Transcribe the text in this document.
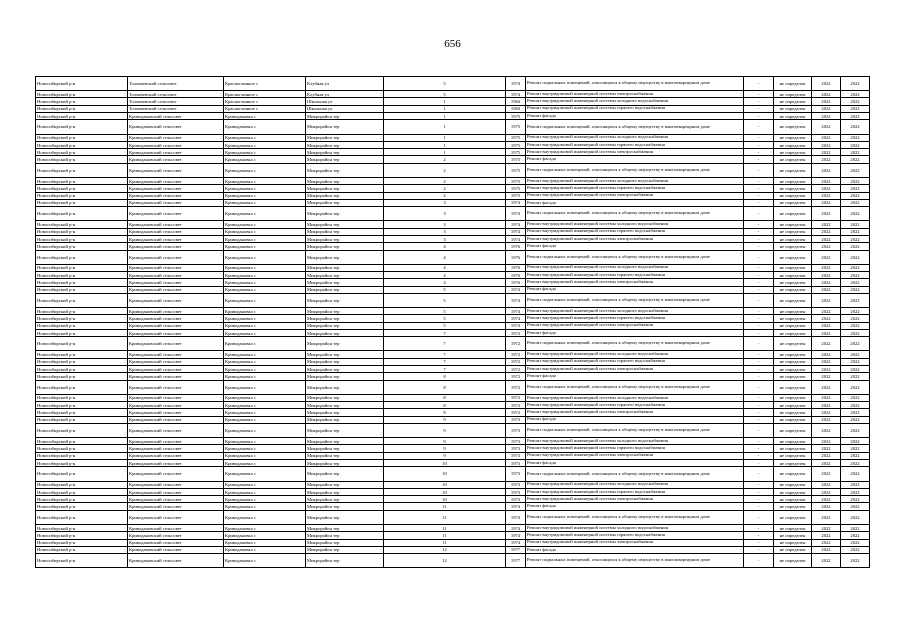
656
Новосибирский р-н	Толмачевский сельсовет	Красноглинное с	Клубная ул	5	1974	Ремонт подвальных помещений, относящихся к общему имуществу в многоквартирном доме	-	не определен	2022	2022
Новосибирский р-н	Толмачевский сельсовет	Красноглинное с	Клубная ул	5	1974	Ремонт внутридомовой инженерной системы электроснабжения	-	не определен	2022	2022
Новосибирский р-н	Толмачевский сельсовет	Красноглинное с	Школьная ул	1	1984	Ремонт внутридомовой инженерной системы холодного водоснабжения	-	не определен	2022	2022
Новосибирский р-н	Толмачевский сельсовет	Красноглинное с	Школьная ул	1	1984	Ремонт внутридомовой инженерной системы горячего водоснабжения	-	не определен	2022	2022
Новосибирский р-н	Криводановский сельсовет	Криводановка с	Микрорайон тер	1	1975	Ремонт фасада	-	не определен	2022	2022
Новосибирский р-н	Криводановский сельсовет	Криводановка с	Микрорайон тер	1	1975	Ремонт подвальных помещений, относящихся к общему имуществу в многоквартирном доме	-	не определен	2022	2022
Новосибирский р-н	Криводановский сельсовет	Криводановка с	Микрорайон тер	1	1975	Ремонт внутридомовой инженерной системы холодного водоснабжения	-	не определен	2022	2022
Новосибирский р-н	Криводановский сельсовет	Криводановка с	Микрорайон тер	1	1975	Ремонт внутридомовой инженерной системы горячего водоснабжения	-	не определен	2022	2022
Новосибирский р-н	Криводановский сельсовет	Криводановка с	Микрорайон тер	1	1975	Ремонт внутридомовой инженерной системы электроснабжения	-	не определен	2022	2022
Новосибирский р-н	Криводановский сельсовет	Криводановка с	Микрорайон тер	2	1975	Ремонт фасада	-	не определен	2022	2022
Новосибирский р-н	Криводановский сельсовет	Криводановка с	Микрорайон тер	2	1975	Ремонт подвальных помещений, относящихся к общему имуществу в многоквартирном доме	-	не определен	2022	2022
Новосибирский р-н	Криводановский сельсовет	Криводановка с	Микрорайон тер	2	1975	Ремонт внутридомовой инженерной системы холодного водоснабжения	-	не определен	2022	2022
Новосибирский р-н	Криводановский сельсовет	Криводановка с	Микрорайон тер	2	1975	Ремонт внутридомовой инженерной системы горячего водоснабжения	-	не определен	2022	2022
Новосибирский р-н	Криводановский сельсовет	Криводановка с	Микрорайон тер	2	1975	Ремонт внутридомовой инженерной системы электроснабжения	-	не определен	2022	2022
Новосибирский р-н	Криводановский сельсовет	Криводановка с	Микрорайон тер	3	1974	Ремонт фасада	-	не определен	2022	2022
Новосибирский р-н	Криводановский сельсовет	Криводановка с	Микрорайон тер	3	1974	Ремонт подвальных помещений, относящихся к общему имуществу в многоквартирном доме	-	не определен	2022	2022
Новосибирский р-н	Криводановский сельсовет	Криводановка с	Микрорайон тер	3	1974	Ремонт внутридомовой инженерной системы холодного водоснабжения	-	не определен	2022	2022
Новосибирский р-н	Криводановский сельсовет	Криводановка с	Микрорайон тер	3	1974	Ремонт внутридомовой инженерной системы горячего водоснабжения	-	не определен	2022	2022
Новосибирский р-н	Криводановский сельсовет	Криводановка с	Микрорайон тер	3	1974	Ремонт внутридомовой инженерной системы электроснабжения	-	не определен	2022	2022
Новосибирский р-н	Криводановский сельсовет	Криводановка с	Микрорайон тер	4	1976	Ремонт фасада	-	не определен	2022	2022
Новосибирский р-н	Криводановский сельсовет	Криводановка с	Микрорайон тер	4	1976	Ремонт подвальных помещений, относящихся к общему имуществу в многоквартирном доме	-	не определен	2022	2022
Новосибирский р-н	Криводановский сельсовет	Криводановка с	Микрорайон тер	4	1976	Ремонт внутридомовой инженерной системы холодного водоснабжения	-	не определен	2022	2022
Новосибирский р-н	Криводановский сельсовет	Криводановка с	Микрорайон тер	4	1976	Ремонт внутридомовой инженерной системы горячего водоснабжения	-	не определен	2022	2022
Новосибирский р-н	Криводановский сельсовет	Криводановка с	Микрорайон тер	4	1976	Ремонт внутридомовой инженерной системы электроснабжения	-	не определен	2022	2022
Новосибирский р-н	Криводановский сельсовет	Криводановка с	Микрорайон тер	5	1974	Ремонт фасада	-	не определен	2022	2022
Новосибирский р-н	Криводановский сельсовет	Криводановка с	Микрорайон тер	5	1974	Ремонт подвальных помещений, относящихся к общему имуществу в многоквартирном доме	-	не определен	2022	2022
Новосибирский р-н	Криводановский сельсовет	Криводановка с	Микрорайон тер	5	1974	Ремонт внутридомовой инженерной системы холодного водоснабжения	-	не определен	2022	2022
Новосибирский р-н	Криводановский сельсовет	Криводановка с	Микрорайон тер	5	1974	Ремонт внутридомовой инженерной системы горячего водоснабжения	-	не определен	2022	2022
Новосибирский р-н	Криводановский сельсовет	Криводановка с	Микрорайон тер	5	1974	Ремонт внутридомовой инженерной системы электроснабжения	-	не определен	2022	2022
Новосибирский р-н	Криводановский сельсовет	Криводановка с	Микрорайон тер	7	1972	Ремонт фасада	-	не определен	2022	2022
Новосибирский р-н	Криводановский сельсовет	Криводановка с	Микрорайон тер	7	1972	Ремонт подвальных помещений, относящихся к общему имуществу в многоквартирном доме	-	не определен	2022	2022
Новосибирский р-н	Криводановский сельсовет	Криводановка с	Микрорайон тер	7	1972	Ремонт внутридомовой инженерной системы холодного водоснабжения	-	не определен	2022	2022
Новосибирский р-н	Криводановский сельсовет	Криводановка с	Микрорайон тер	7	1972	Ремонт внутридомовой инженерной системы горячего водоснабжения	-	не определен	2022	2022
Новосибирский р-н	Криводановский сельсовет	Криводановка с	Микрорайон тер	7	1972	Ремонт внутридомовой инженерной системы электроснабжения	-	не определен	2022	2022
Новосибирский р-н	Криводановский сельсовет	Криводановка с	Микрорайон тер	8	1972	Ремонт фасада	-	не определен	2022	2022
Новосибирский р-н	Криводановский сельсовет	Криводановка с	Микрорайон тер	8	1972	Ремонт подвальных помещений, относящихся к общему имуществу в многоквартирном доме	-	не определен	2022	2022
Новосибирский р-н	Криводановский сельсовет	Криводановка с	Микрорайон тер	8	1972	Ремонт внутридомовой инженерной системы холодного водоснабжения	-	не определен	2022	2022
Новосибирский р-н	Криводановский сельсовет	Криводановка с	Микрорайон тер	8	1972	Ремонт внутридомовой инженерной системы горячего водоснабжения	-	не определен	2022	2022
Новосибирский р-н	Криводановский сельсовет	Криводановка с	Микрорайон тер	8	1972	Ремонт внутридомовой инженерной системы электроснабжения	-	не определен	2022	2022
Новосибирский р-н	Криводановский сельсовет	Криводановка с	Микрорайон тер	9	1973	Ремонт фасада	-	не определен	2022	2022
Новосибирский р-н	Криводановский сельсовет	Криводановка с	Микрорайон тер	9	1973	Ремонт подвальных помещений, относящихся к общему имуществу в многоквартирном доме	-	не определен	2022	2022
Новосибирский р-н	Криводановский сельсовет	Криводановка с	Микрорайон тер	9	1973	Ремонт внутридомовой инженерной системы холодного водоснабжения	-	не определен	2022	2022
Новосибирский р-н	Криводановский сельсовет	Криводановка с	Микрорайон тер	9	1973	Ремонт внутридомовой инженерной системы горячего водоснабжения	-	не определен	2022	2022
Новосибирский р-н	Криводановский сельсовет	Криводановка с	Микрорайон тер	9	1973	Ремонт внутридомовой инженерной системы электроснабжения	-	не определен	2022	2022
Новосибирский р-н	Криводановский сельсовет	Криводановка с	Микрорайон тер	10	1973	Ремонт фасада	-	не определен	2022	2022
Новосибирский р-н	Криводановский сельсовет	Криводановка с	Микрорайон тер	10	1973	Ремонт подвальных помещений, относящихся к общему имуществу в многоквартирном доме	-	не определен	2022	2022
Новосибирский р-н	Криводановский сельсовет	Криводановка с	Микрорайон тер	10	1973	Ремонт внутридомовой инженерной системы холодного водоснабжения	-	не определен	2022	2022
Новосибирский р-н	Криводановский сельсовет	Криводановка с	Микрорайон тер	10	1973	Ремонт внутридомовой инженерной системы горячего водоснабжения	-	не определен	2022	2022
Новосибирский р-н	Криводановский сельсовет	Криводановка с	Микрорайон тер	10	1973	Ремонт внутридомовой инженерной системы электроснабжения	-	не определен	2022	2022
Новосибирский р-н	Криводановский сельсовет	Криводановка с	Микрорайон тер	11	1974	Ремонт фасада	-	не определен	2022	2022
Новосибирский р-н	Криводановский сельсовет	Криводановка с	Микрорайон тер	11	1974	Ремонт подвальных помещений, относящихся к общему имуществу в многоквартирном доме	-	не определен	2022	2022
Новосибирский р-н	Криводановский сельсовет	Криводановка с	Микрорайон тер	11	1974	Ремонт внутридомовой инженерной системы холодного водоснабжения	-	не определен	2022	2022
Новосибирский р-н	Криводановский сельсовет	Криводановка с	Микрорайон тер	11	1974	Ремонт внутридомовой инженерной системы горячего водоснабжения	-	не определен	2022	2022
Новосибирский р-н	Криводановский сельсовет	Криводановка с	Микрорайон тер	11	1974	Ремонт внутридомовой инженерной системы электроснабжения	-	не определен	2022	2022
Новосибирский р-н	Криводановский сельсовет	Криводановка с	Микрорайон тер	12	1977	Ремонт фасада	-	не определен	2022	2022
Новосибирский р-н	Криводановский сельсовет	Криводановка с	Микрорайон тер	12	1977	Ремонт подвальных помещений, относящихся к общему имуществу в многоквартирном доме	-	не определен	2022	2022
